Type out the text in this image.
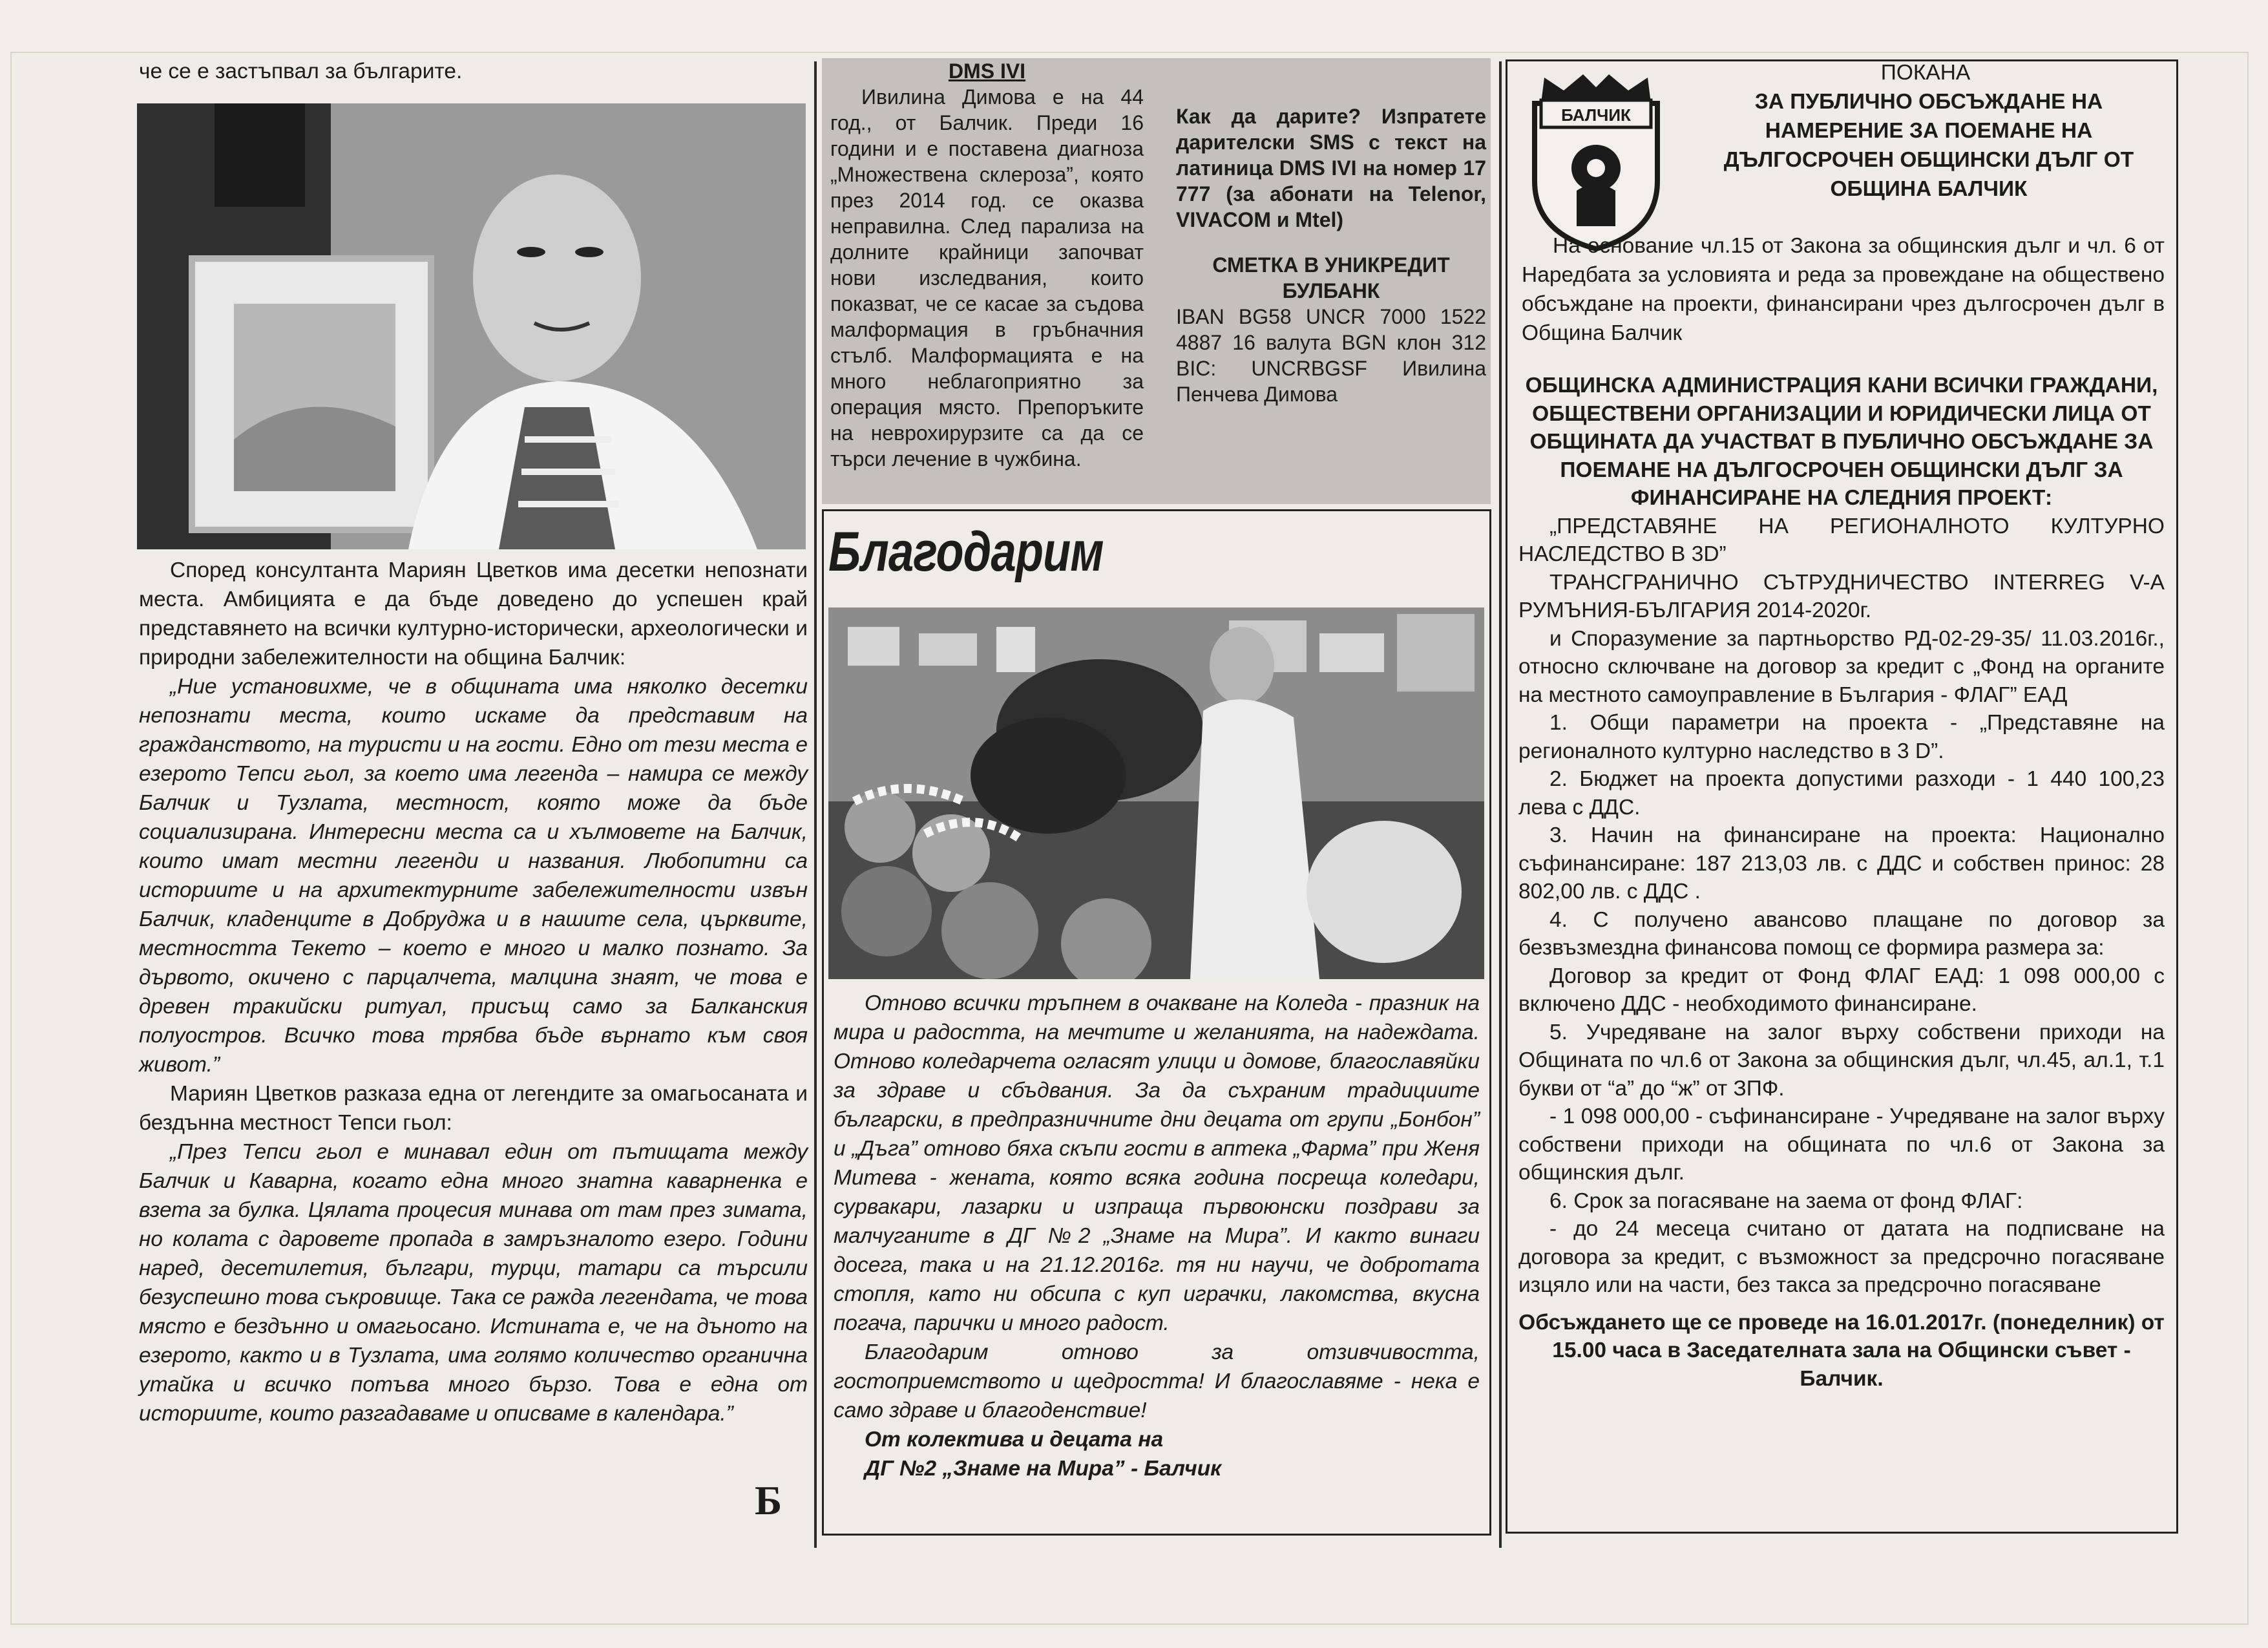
че се е застъпвал за българите.

Според консултанта Мариян Цветков има десетки непознати места. Амбицията е да бъде доведено до успешен край представянето на всички културно-исторически, археологически и природни забележителности на община Балчик:

„Ние установихме, че в общината има няколко десетки непознати места, които искаме да представим на гражданството, на туристи и на гости. Едно от тези места е езерото Тепси гьол, за което има легенда – намира се между Балчик и Тузлата, местност, която може да бъде социализирана. Интересни места са и хълмовете на Балчик, които имат местни легенди и названия. Любопитни са историите и на архитектурните забележителности извън Балчик, кладенците в Добруджа и в нашите села, църквите, местността Текето – което е много и малко познато. За дървото, окичено с парцалчета, малцина знаят, че това е древен тракийски ритуал, присъщ само за Балканския полуостров. Всичко това трябва бъде върнато към своя живот.”

Мариян Цветков разказа една от легендите за омагьосаната и бездънна местност Тепси гьол:

„През Тепси гьол е минавал един от пътищата между Балчик и Каварна, когато една много знатна каварненка е взета за булка. Цялата процесия минава от там през зимата, но колата с даровете пропада в замръзналото езеро. Години наред, десетилетия, българи, турци, татари са търсили безуспешно това съкровище. Така се ражда легендата, че това място е бездънно и омагьосано. Истината е, че на дъното на езерото, както и в Тузлата, има голямо количество органична утайка и всичко потъва много бързо. Това е една от историите, които разгадаваме и описваме в календара.”

Б

DMS IVI

Ивилина Димова е на 44 год., от Балчик. Преди 16 години и е поставена диагноза „Множествена склероза”, която през 2014 год. се оказва неправилна. След парализа на долните крайници започват нови изследвания, които показват, че се касае за съдова малформация в гръбначния стълб. Малформацията е на много неблагоприятно за операция място. Препоръките на неврохирурзите са да се търси лечение в чужбина.

Как да дарите? Изпратете дарителски SMS с текст на латиница DMS IVI на номер 17 777 (за абонати на Telenor, VIVACOM и Mtel)

СМЕТКА В УНИКРЕДИТ БУЛБАНК

IBAN BG58 UNCR 7000 1522 4887 16 валута BGN клон 312 BIC: UNCRBGSF Ивилина Пенчева Димова

Благодарим

Отново всички тръпнем в очакване на Коледа - празник на мира и радостта, на мечтите и желанията, на надеждата. Отново коледарчета огласят улици и домове, благославяйки за здраве и сбъдвания. За да съхраним традициите български, в предпразничните дни децата от групи „Бонбон” и „Дъга” отново бяха скъпи гости в аптека „Фарма” при Женя Митева - жената, която всяка година посреща коледари, сурвакари, лазарки и изпраща първоюнски поздрави за малчуганите в ДГ №2 „Знаме на Мира”. И както винаги досега, така и на 21.12.2016г. тя ни научи, че добротата стопля, като ни обсипа с куп играчки, лакомства, вкусна погача, парички и много радост.

Благодарим отново за отзивчивостта, гостоприемството и щедростта! И благославяме - нека е само здраве и благоденствие!

От колектива и децата на

ДГ №2 „Знаме на Мира” - Балчик

БАЛЧИК
ПОКАНА
ЗА ПУБЛИЧНО ОБСЪЖДАНЕ НА НАМЕРЕНИЕ ЗА ПОЕМАНЕ НА ДЪЛГОСРОЧЕН ОБЩИНСКИ ДЪЛГ ОТ ОБЩИНА БАЛЧИК
На основание чл.15 от Закона за общинския дълг и чл. 6 от Наредбата за условията и реда за провеждане на обществено обсъждане на проекти, финансирани чрез дългосрочен дълг в Община Балчик

ОБЩИНСКА АДМИНИСТРАЦИЯ КАНИ ВСИЧКИ ГРАЖДАНИ, ОБЩЕСТВЕНИ ОРГАНИЗАЦИИ И ЮРИДИЧЕСКИ ЛИЦА ОТ ОБЩИНАТА ДА УЧАСТВАТ В ПУБЛИЧНО ОБСЪЖДАНЕ ЗА ПОЕМАНЕ НА ДЪЛГОСРОЧЕН ОБЩИНСКИ ДЪЛГ ЗА ФИНАНСИРАНЕ НА СЛЕДНИЯ ПРОЕКТ:

„ПРЕДСТАВЯНЕ НА РЕГИОНАЛНОТО КУЛТУРНО НАСЛЕДСТВО В 3D”

ТРАНСГРАНИЧНО СЪТРУДНИЧЕСТВО INTERREG V-A РУМЪНИЯ-БЪЛГАРИЯ 2014-2020г.

и Споразумение за партньорство РД-02-29-35/ 11.03.2016г., относно сключване на договор за кредит с „Фонд на органите на местното самоуправление в България - ФЛАГ” ЕАД

1. Общи параметри на проекта - „Представяне на регионалното културно наследство в 3 D”.

2. Бюджет на проекта допустими разходи - 1 440 100,23 лева с ДДС.

3. Начин на финансиране на проекта: Национално съфинансиране: 187 213,03 лв. с ДДС и собствен принос: 28 802,00 лв. с ДДС .

4. С получено авансово плащане по договор за безвъзмездна финансова помощ се формира размера за:

Договор за кредит от Фонд ФЛАГ ЕАД: 1 098 000,00 с включено ДДС - необходимото финансиране.

5. Учредяване на залог върху собствени приходи на Общината по чл.6 от Закона за общинския дълг, чл.45, ал.1, т.1 букви от “а” до “ж” от ЗПФ.

- 1 098 000,00 - съфинансиране - Учредяване на залог върху собствени приходи на общината по чл.6 от Закона за общинския дълг.

6. Срок за погасяване на заема от фонд ФЛАГ:

- до 24 месеца считано от датата на подписване на договора за кредит, с възможност за предсрочно погасяване изцяло или на части, без такса за предсрочно погасяване

Обсъждането ще се проведе на 16.01.2017г. (понеделник) от 15.00 часа в Заседателната зала на Общински съвет - Балчик.
